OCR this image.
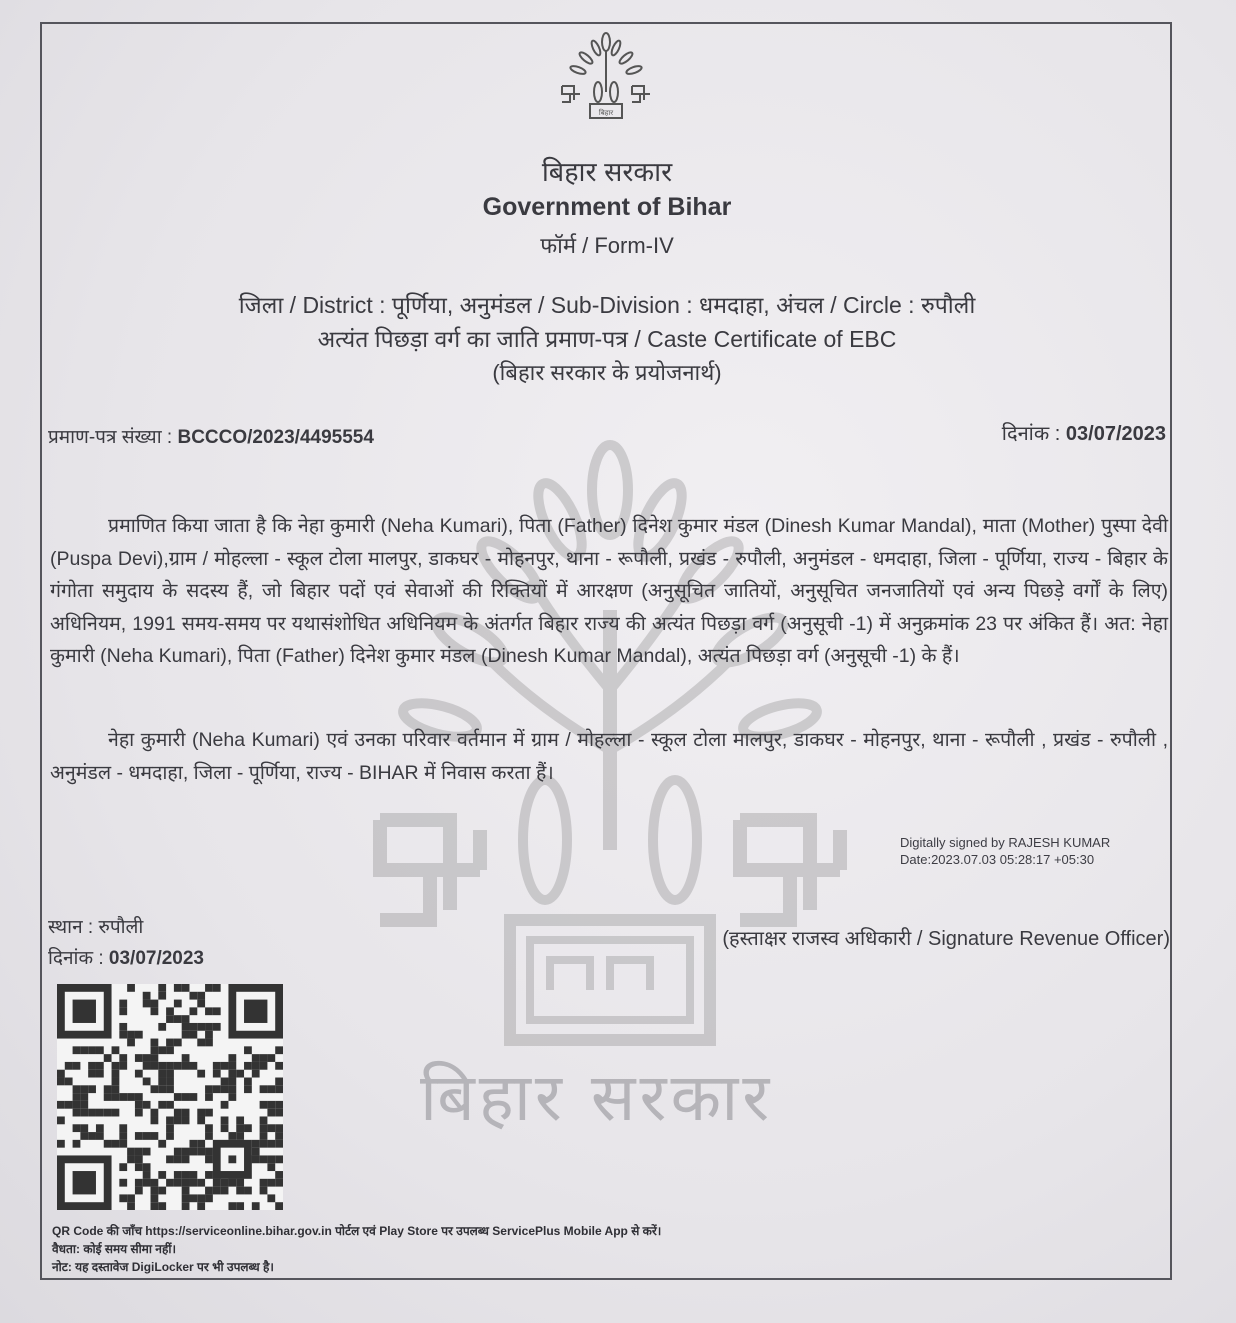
बिहार सरकार
बिहार
बिहार सरकार
Government of Bihar
फॉर्म / Form-IV
जिला / District : पूर्णिया, अनुमंडल / Sub-Division : धमदाहा, अंचल / Circle : रुपौली
अत्यंत पिछड़ा वर्ग का जाति प्रमाण-पत्र / Caste Certificate of EBC
(बिहार सरकार के प्रयोजनार्थ)
प्रमाण-पत्र संख्या : BCCCO/2023/4495554	दिनांक : 03/07/2023
प्रमाणित किया जाता है कि नेहा कुमारी (Neha Kumari), पिता (Father) दिनेश कुमार मंडल (Dinesh Kumar Mandal), माता (Mother) पुस्पा देवी (Puspa Devi),ग्राम / मोहल्ला - स्कूल टोला मालपुर, डाकघर - मोहनपुर, थाना - रूपौली, प्रखंड - रुपौली, अनुमंडल - धमदाहा, जिला - पूर्णिया, राज्य - बिहार के गंगोता समुदाय के सदस्य हैं, जो बिहार पदों एवं सेवाओं की रिक्तियों में आरक्षण (अनुसूचित जातियों, अनुसूचित जनजातियों एवं अन्य पिछड़े वर्गों के लिए) अधिनियम, 1991 समय-समय पर यथासंशोधित अधिनियम के अंतर्गत बिहार राज्य की अत्यंत पिछड़ा वर्ग (अनुसूची -1) में अनुक्रमांक 23 पर अंकित हैं। अत: नेहा कुमारी (Neha Kumari), पिता (Father) दिनेश कुमार मंडल (Dinesh Kumar Mandal), अत्यंत पिछड़ा वर्ग (अनुसूची -1) के हैं।
नेहा कुमारी (Neha Kumari) एवं उनका परिवार वर्तमान में ग्राम / मोहल्ला - स्कूल टोला मालपुर, डाकघर - मोहनपुर, थाना - रूपौली , प्रखंड - रुपौली , अनुमंडल - धमदाहा, जिला - पूर्णिया, राज्य - BIHAR में निवास करता हैं।
Digitally signed by RAJESH KUMAR
Date:2023.07.03 05:28:17 +05:30
स्थान : रुपौली
दिनांक : 03/07/2023
(हस्ताक्षर राजस्व अधिकारी / Signature Revenue Officer)
QR Code की जाँच https://serviceonline.bihar.gov.in पोर्टल एवं Play Store पर उपलब्ध ServicePlus Mobile App से करें।
वैधता: कोई समय सीमा नहीं।
नोट: यह दस्तावेज DigiLocker पर भी उपलब्ध है।
